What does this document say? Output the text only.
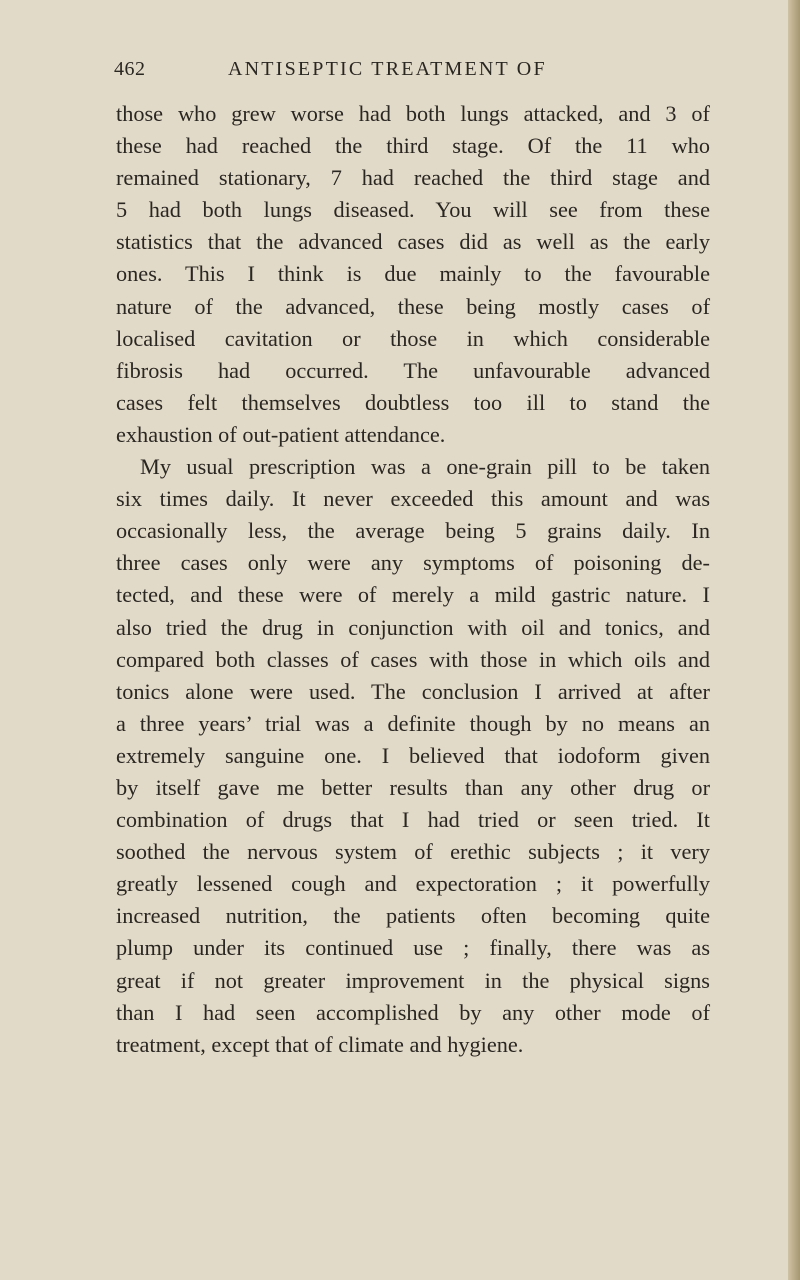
462	ANTISEPTIC TREATMENT OF
those who grew worse had both lungs attacked, and 3 of
these had reached the third stage. Of the 11 who
remained stationary, 7 had reached the third stage and
5 had both lungs diseased. You will see from these
statistics that the advanced cases did as well as the early
ones. This I think is due mainly to the favourable
nature of the advanced, these being mostly cases of
localised cavitation or those in which considerable
fibrosis had occurred. The unfavourable advanced
cases felt themselves doubtless too ill to stand the
exhaustion of out-patient attendance.
My usual prescription was a one-grain pill to be taken
six times daily. It never exceeded this amount and was
occasionally less, the average being 5 grains daily. In
three cases only were any symptoms of poisoning de-
tected, and these were of merely a mild gastric nature. I
also tried the drug in conjunction with oil and tonics, and
compared both classes of cases with those in which oils and
tonics alone were used. The conclusion I arrived at after
a three years’ trial was a definite though by no means an
extremely sanguine one. I believed that iodoform given
by itself gave me better results than any other drug or
combination of drugs that I had tried or seen tried. It
soothed the nervous system of erethic subjects ; it very
greatly lessened cough and expectoration ; it powerfully
increased nutrition, the patients often becoming quite
plump under its continued use ; finally, there was as
great if not greater improvement in the physical signs
than I had seen accomplished by any other mode of
treatment, except that of climate and hygiene.
